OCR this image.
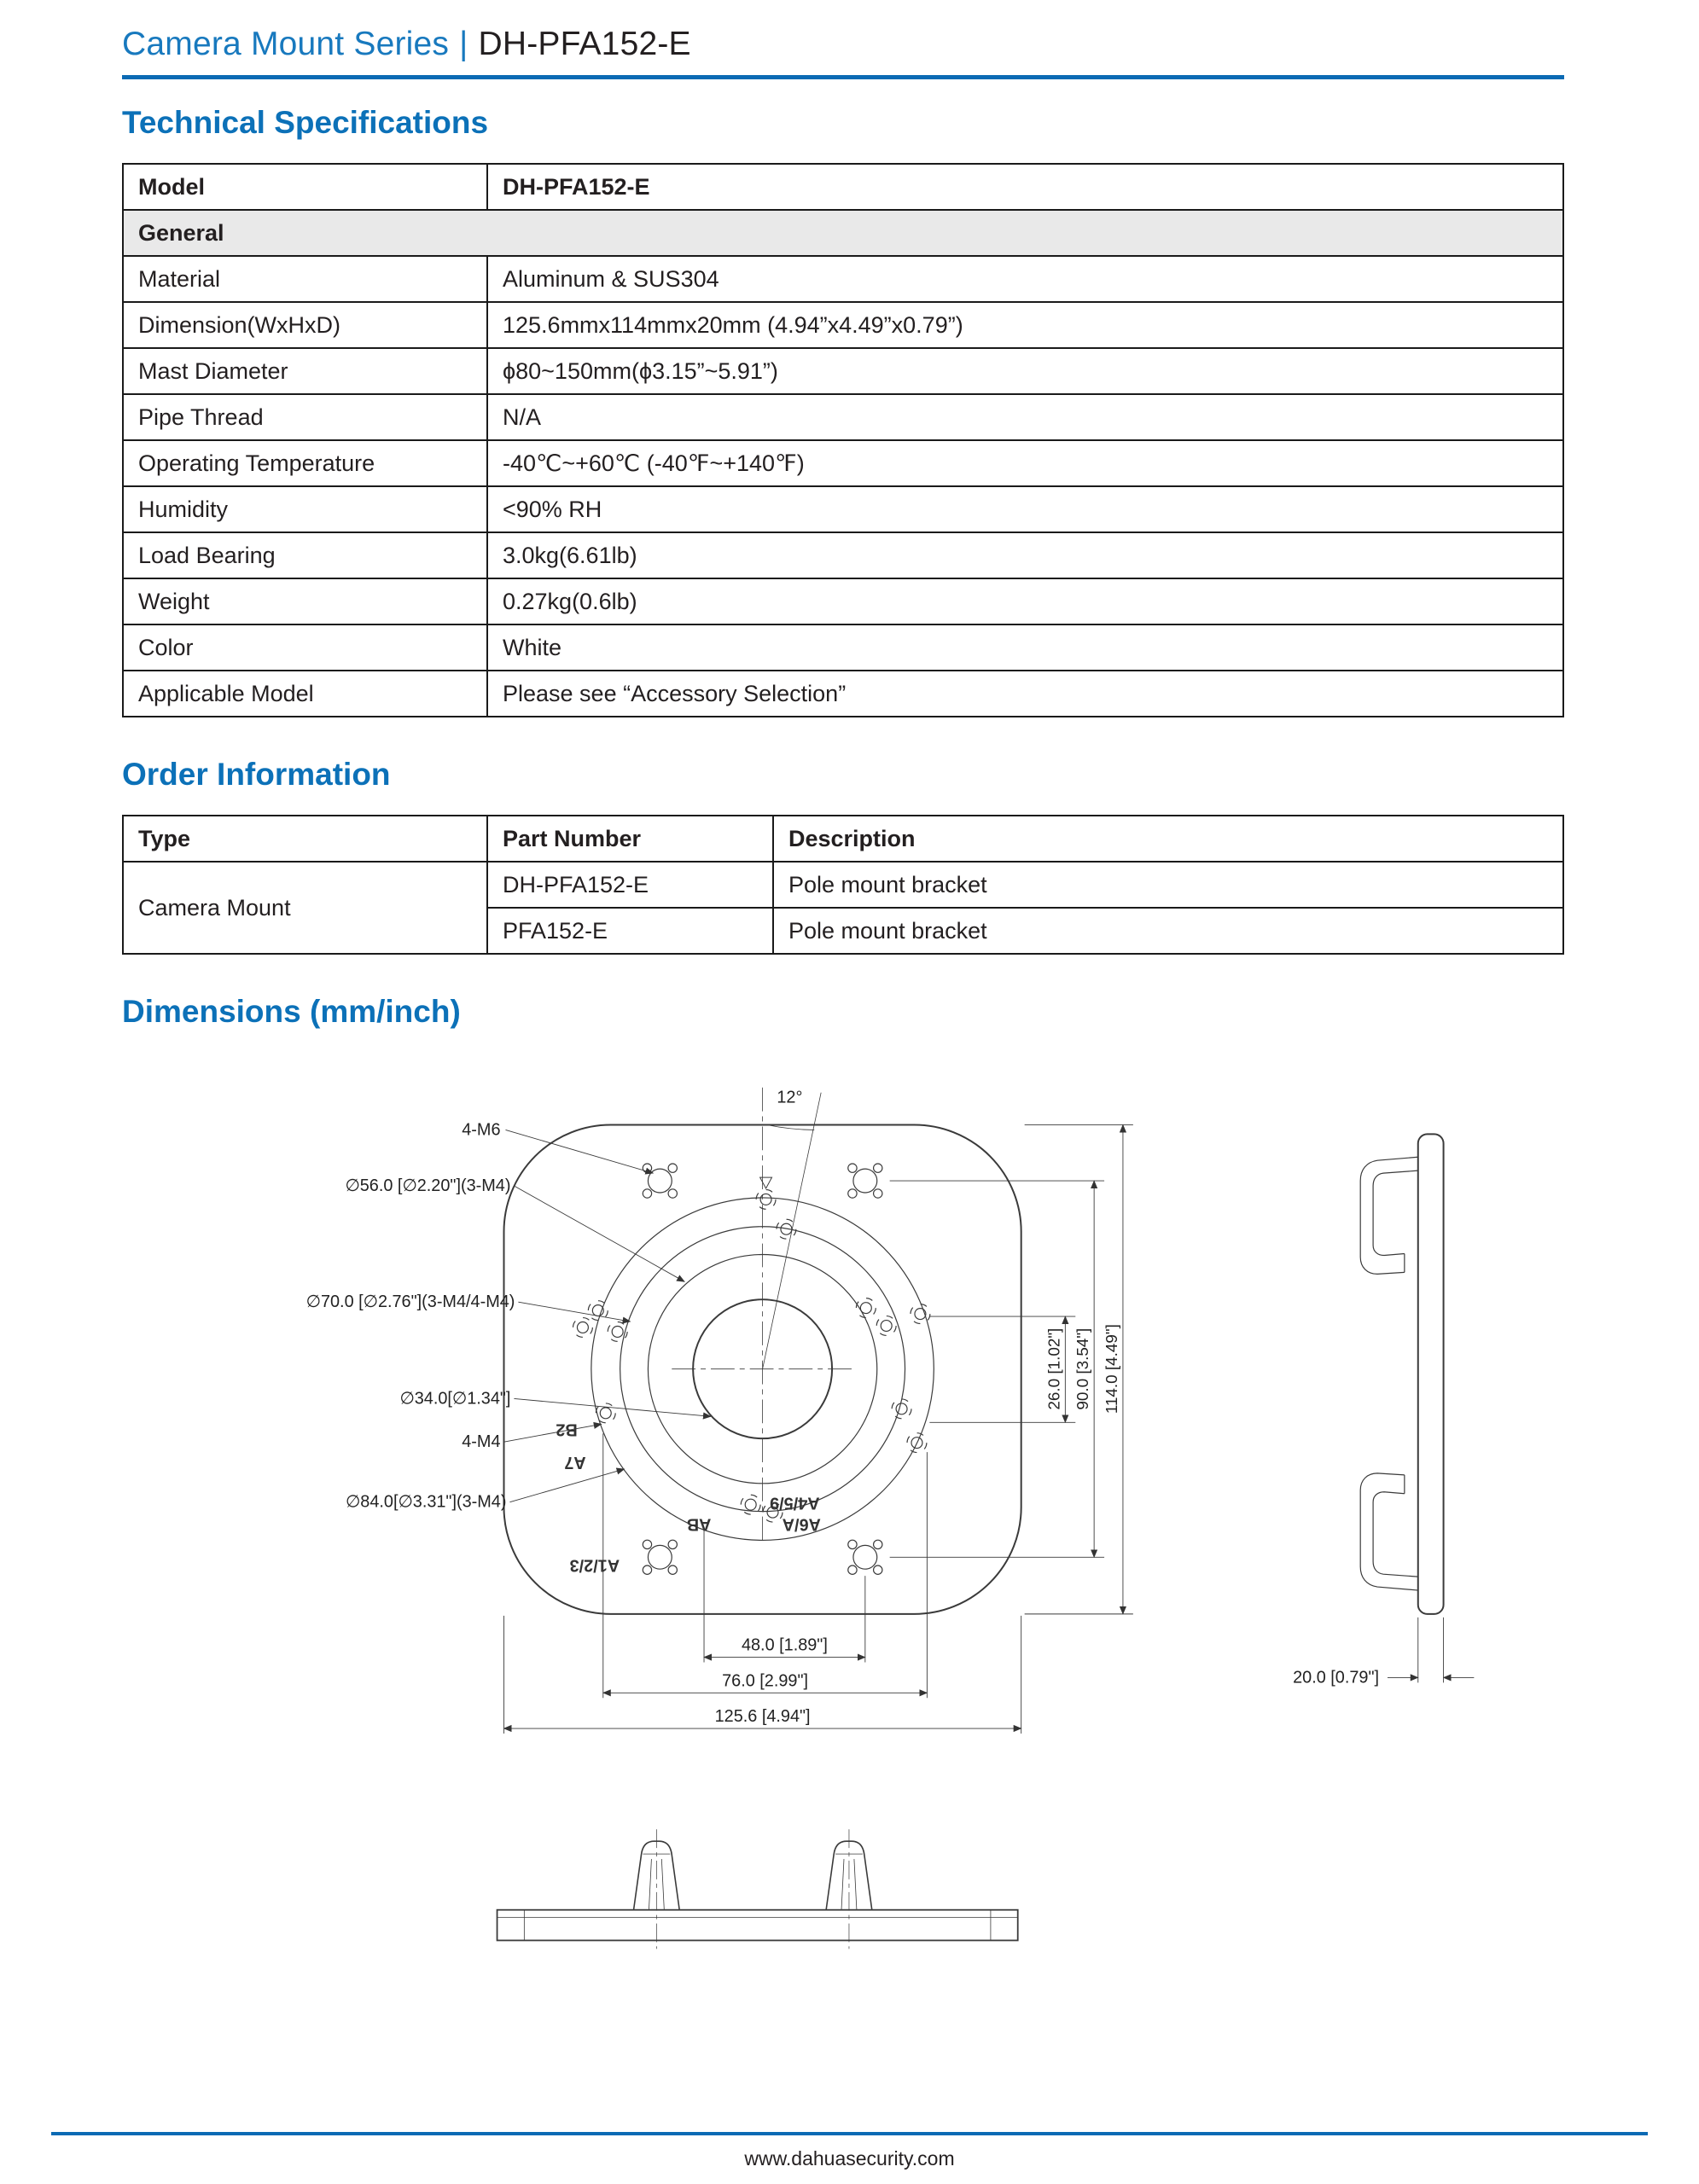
Camera Mount Series | DH-PFA152-E
Technical Specifications
Model	DH-PFA152-E
General	
Material	Aluminum & SUS304
Dimension(WxHxD)	125.6mmx114mmx20mm (4.94”x4.49”x0.79”)
Mast Diameter	ϕ80~150mm(ϕ3.15”~5.91”)
Pipe Thread	N/A
Operating Temperature	-40℃~+60℃ (-40℉~+140℉)
Humidity	<90% RH
Load Bearing	3.0kg(6.61lb)
Weight	0.27kg(0.6lb)
Color	White
Applicable Model	Please see “Accessory Selection”
Order Information
Type	Part Number	Description
Camera Mount	DH-PFA152-E	Pole mount bracket
	PFA152-E	Pole mount bracket
Dimensions (mm/inch)
B2
A7
A1/2/3
AB
A4/5/9
A6/A
4-M6
∅56.0 [∅2.20"](3-M4)
∅70.0 [∅2.76"](3-M4/4-M4)
∅34.0[∅1.34"]
4-M4
∅84.0[∅3.31"](3-M4)
12°
26.0 [1.02"] 90.0 [3.54"] 114.0 [4.49"]
48.0 [1.89"]
76.0 [2.99"]
125.6 [4.94"]
20.0 [0.79"]
www.dahuasecurity.com
